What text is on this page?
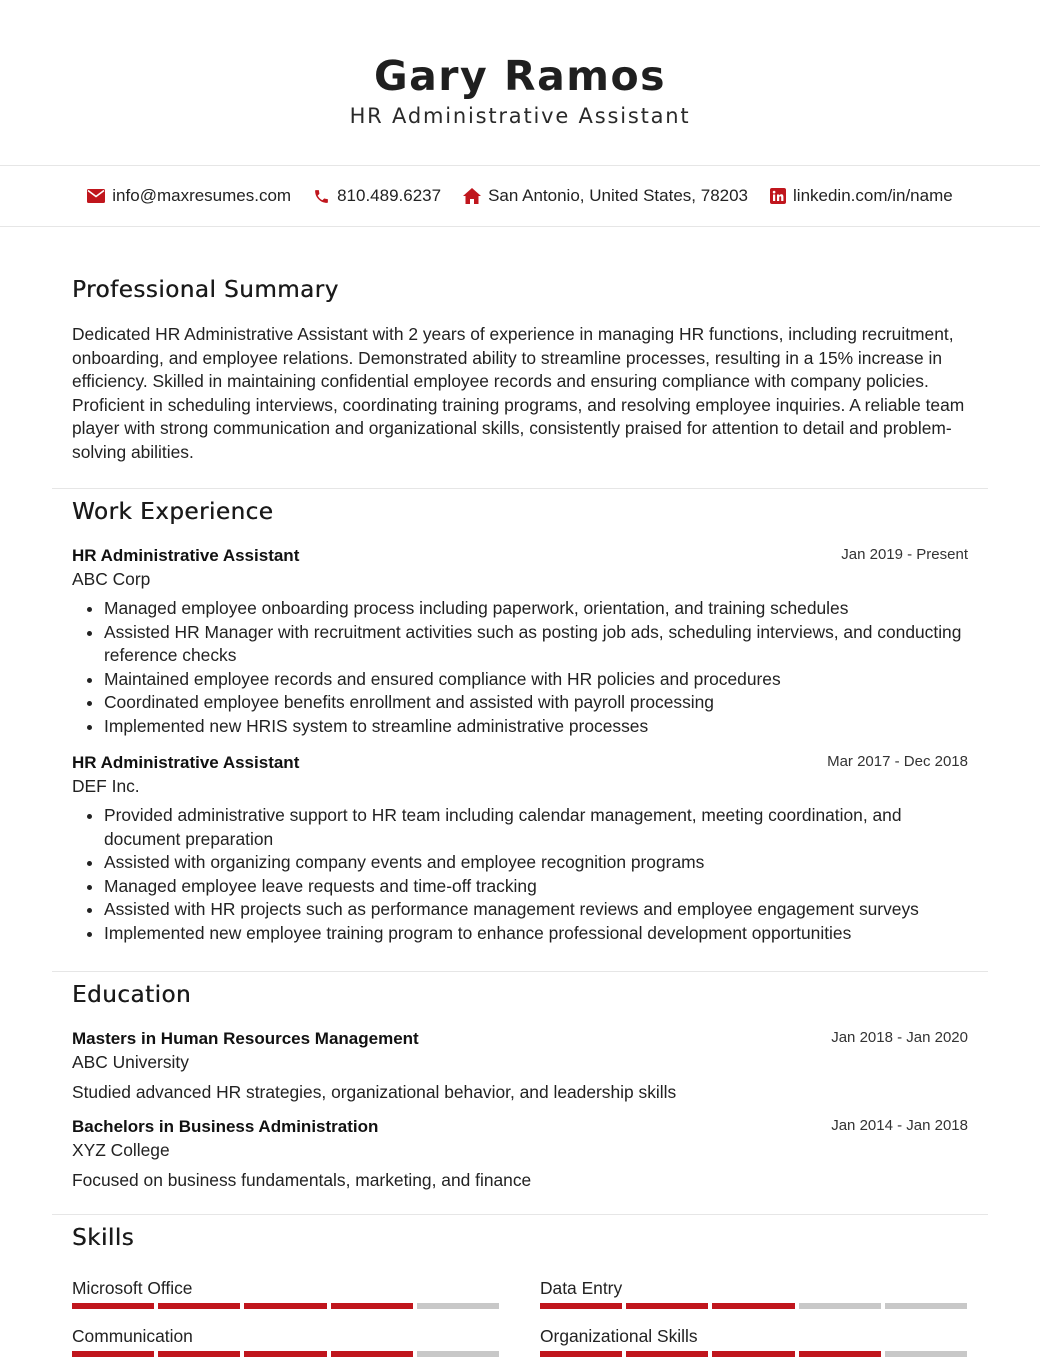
Gary Ramos
HR Administrative Assistant
info@maxresumes.com	810.489.6237	San Antonio, United States, 78203	linkedin.com/in/name
Professional Summary

Dedicated HR Administrative Assistant with 2 years of experience in managing HR functions, including recruitment, onboarding, and employee relations. Demonstrated ability to streamline processes, resulting in a 15% increase in efficiency. Skilled in maintaining confidential employee records and ensuring compliance with company policies. Proficient in scheduling interviews, coordinating training programs, and resolving employee inquiries. A reliable team player with strong communication and organizational skills, consistently praised for attention to detail and problem-solving abilities.

Work Experience
HR Administrative Assistant	Jan 2019 - Present
ABC Corp
Managed employee onboarding process including paperwork, orientation, and training schedules
Assisted HR Manager with recruitment activities such as posting job ads, scheduling interviews, and conducting reference checks
Maintained employee records and ensured compliance with HR policies and procedures
Coordinated employee benefits enrollment and assisted with payroll processing
Implemented new HRIS system to streamline administrative processes
HR Administrative Assistant	Mar 2017 - Dec 2018
DEF Inc.
Provided administrative support to HR team including calendar management, meeting coordination, and document preparation
Assisted with organizing company events and employee recognition programs
Managed employee leave requests and time-off tracking
Assisted with HR projects such as performance management reviews and employee engagement surveys
Implemented new employee training program to enhance professional development opportunities
Education
Masters in Human Resources Management	Jan 2018 - Jan 2020
ABC University
Studied advanced HR strategies, organizational behavior, and leadership skills
Bachelors in Business Administration	Jan 2014 - Jan 2018
XYZ College
Focused on business fundamentals, marketing, and finance
Skills
Microsoft Office	Data Entry
Communication	Organizational Skills
